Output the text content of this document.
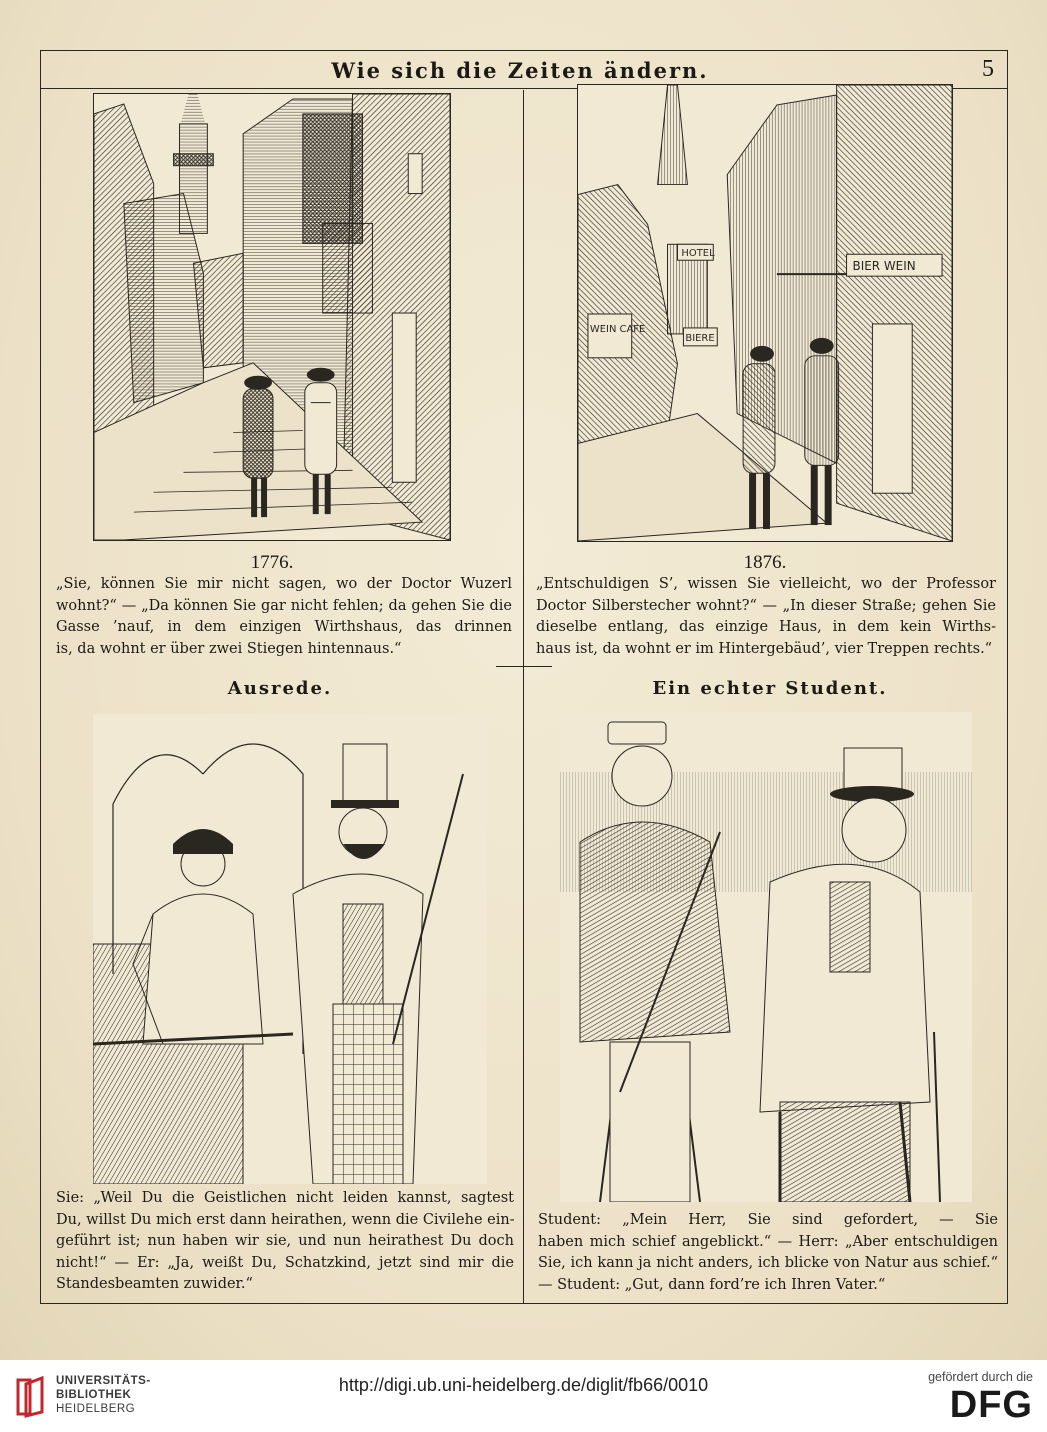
Wie sich die Zeiten ändern.	5
1776.
„Sie, können Sie mir nicht sagen, wo der Doctor Wuzerl
wohnt?“ — „Da können Sie gar nicht fehlen; da gehen Sie die
Gasse ’nauf, in dem einzigen Wirthshaus, das drinnen
is, da wohnt er über zwei Stiegen hintennaus.“
HOTEL
WEIN CAFE
BIERE
BIER WEIN
1876.
„Entschuldigen S’, wissen Sie vielleicht, wo der Professor
Doctor Silberstecher wohnt?“ — „In dieser Straße; gehen Sie
dieselbe entlang, das einzige Haus, in dem kein Wirths-
haus ist, da wohnt er im Hintergebäud’, vier Treppen rechts.“
Ausrede.
Sie: „Weil Du die Geistlichen nicht leiden kannst, sagtest
Du, willst Du mich erst dann heirathen, wenn die Civilehe ein-
geführt ist; nun haben wir sie, und nun heirathest Du doch
nicht!“ — Er: „Ja, weißt Du, Schatzkind, jetzt sind mir die
Standesbeamten zuwider.“
Ein echter Student.
Student: „Mein Herr, Sie sind gefordert, — Sie
haben mich schief angeblickt.“ — Herr: „Aber entschuldigen
Sie, ich kann ja nicht anders, ich blicke von Natur aus schief.“
— Student: „Gut, dann ford’re ich Ihren Vater.“
UNIVERSITÄTS-
BIBLIOTHEK
HEIDELBERG
http://digi.ub.uni-heidelberg.de/diglit/fb66/0010	gefördert durch die
DFG
